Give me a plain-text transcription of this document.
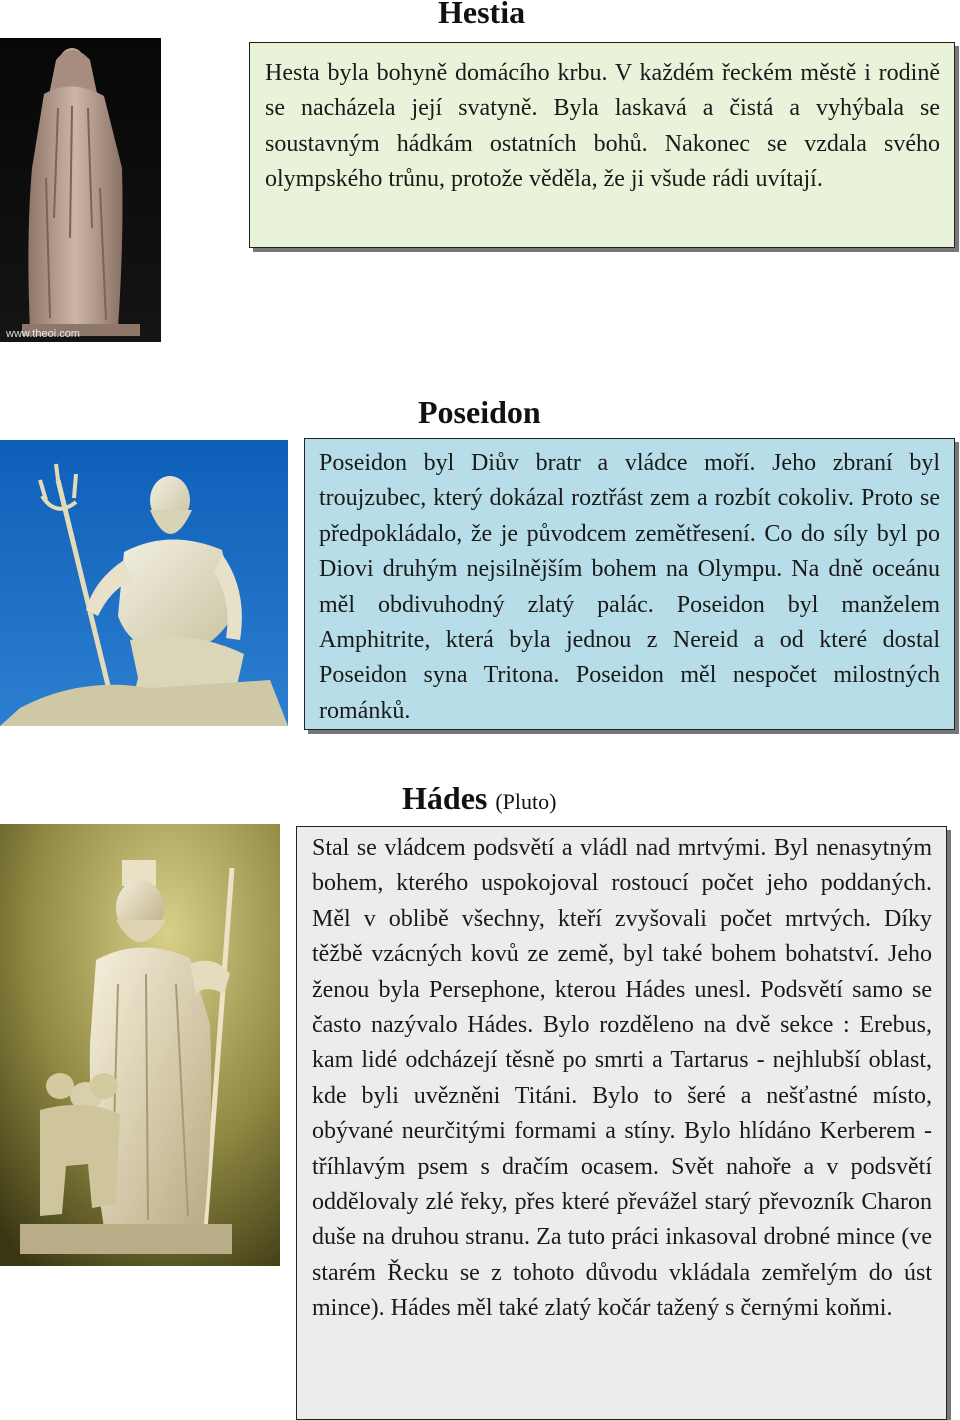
Hestia
www.theoi.com

Hesta byla bohyně domácího krbu. V každém řeckém městě i rodině se nacházela její svatyně. Byla laskavá a čistá a vyhýbala se soustavným hádkám ostatních bohů. Nakonec se vzdala svého olympského trůnu, protože věděla, že ji všude rádi uvítají.

Poseidon

Poseidon byl Diův bratr a vládce moří. Jeho zbraní byl troujzubec, který dokázal roztřást zem a rozbít cokoliv. Proto se předpokládalo, že je původcem zemětřesení. Co do síly byl po Diovi druhým nejsilnějším bohem na Olympu. Na dně oceánu měl obdivuhodný zlatý palác. Poseidon byl manželem Amphitrite, která byla jednou z Nereid a od které dostal Poseidon syna Tritona. Poseidon měl nespočet milostných románků.

Hádes (Pluto)

Stal se vládcem podsvětí a vládl nad mrtvými. Byl nenasytným bohem, kterého uspokojoval rostoucí počet jeho poddaných. Měl v oblibě všechny, kteří zvyšovali počet mrtvých. Díky těžbě vzácných kovů ze země, byl také bohem bohatství. Jeho ženou byla Persephone, kterou Hádes unesl. Podsvětí samo se často nazývalo Hádes. Bylo rozděleno na dvě sekce : Erebus, kam lidé odcházejí těsně po smrti a Tartarus - nejhlubší oblast, kde byli uvězněni Titáni. Bylo to šeré a nešťastné místo, obývané neurčitými formami a stíny. Bylo hlídáno Kerberem - tříhlavým psem s dračím ocasem. Svět nahoře a v podsvětí oddělovaly zlé řeky, přes které převážel starý převozník Charon duše na druhou stranu. Za tuto práci inkasoval drobné mince (ve starém Řecku se z tohoto důvodu vkládala zemřelým do úst mince). Hádes měl také zlatý kočár tažený s černými koňmi.
